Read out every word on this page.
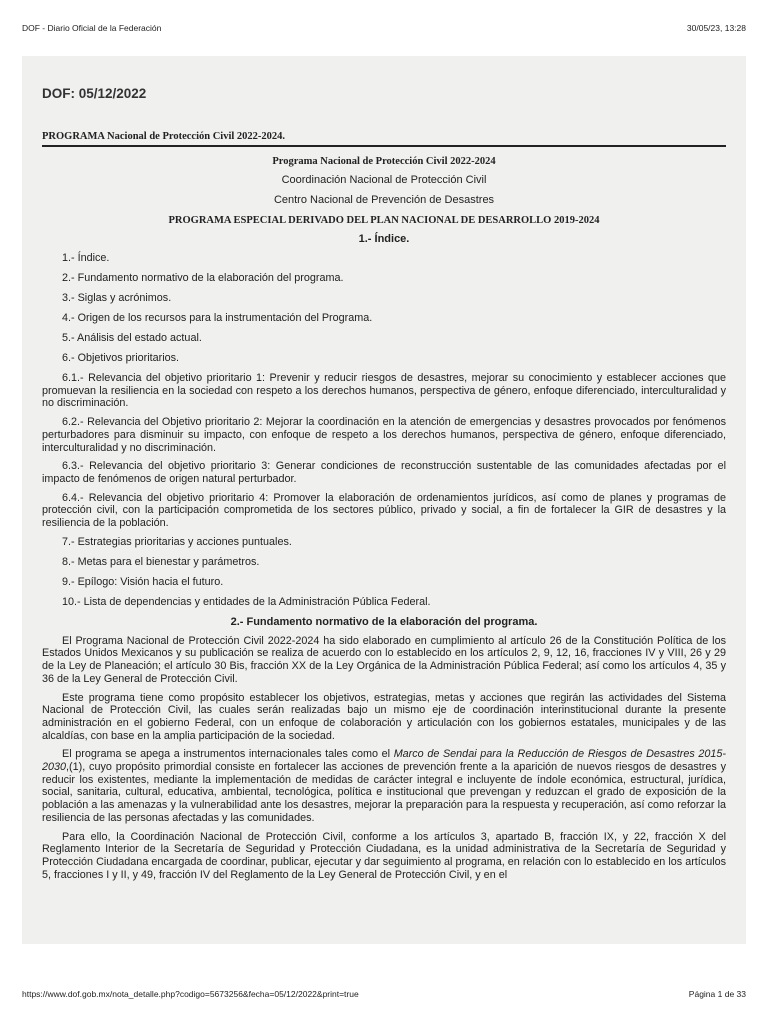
DOF - Diario Oficial de la Federación	30/05/23, 13:28
DOF: 05/12/2022
PROGRAMA Nacional de Protección Civil 2022-2024.

Programa Nacional de Protección Civil 2022-2024

Coordinación Nacional de Protección Civil

Centro Nacional de Prevención de Desastres

PROGRAMA ESPECIAL DERIVADO DEL PLAN NACIONAL DE DESARROLLO 2019-2024

1.- Índice.

1.- Índice.

2.- Fundamento normativo de la elaboración del programa.

3.- Siglas y acrónimos.

4.- Origen de los recursos para la instrumentación del Programa.

5.- Análisis del estado actual.

6.- Objetivos prioritarios.

6.1.- Relevancia del objetivo prioritario 1: Prevenir y reducir riesgos de desastres, mejorar su conocimiento y establecer acciones que promuevan la resiliencia en la sociedad con respeto a los derechos humanos, perspectiva de género, enfoque diferenciado, interculturalidad y no discriminación.

6.2.- Relevancia del Objetivo prioritario 2: Mejorar la coordinación en la atención de emergencias y desastres provocados por fenómenos perturbadores para disminuir su impacto, con enfoque de respeto a los derechos humanos, perspectiva de género, enfoque diferenciado, interculturalidad y no discriminación.

6.3.- Relevancia del objetivo prioritario 3: Generar condiciones de reconstrucción sustentable de las comunidades afectadas por el impacto de fenómenos de origen natural perturbador.

6.4.- Relevancia del objetivo prioritario 4: Promover la elaboración de ordenamientos jurídicos, así como de planes y programas de protección civil, con la participación comprometida de los sectores público, privado y social, a fin de fortalecer la GIR de desastres y la resiliencia de la población.

7.- Estrategias prioritarias y acciones puntuales.

8.- Metas para el bienestar y parámetros.

9.- Epílogo: Visión hacia el futuro.

10.- Lista de dependencias y entidades de la Administración Pública Federal.

2.- Fundamento normativo de la elaboración del programa.

El Programa Nacional de Protección Civil 2022-2024 ha sido elaborado en cumplimiento al artículo 26 de la Constitución Política de los Estados Unidos Mexicanos y su publicación se realiza de acuerdo con lo establecido en los artículos 2, 9, 12, 16, fracciones IV y VIII, 26 y 29 de la Ley de Planeación; el artículo 30 Bis, fracción XX de la Ley Orgánica de la Administración Pública Federal; así como los artículos 4, 35 y 36 de la Ley General de Protección Civil.

Este programa tiene como propósito establecer los objetivos, estrategias, metas y acciones que regirán las actividades del Sistema Nacional de Protección Civil, las cuales serán realizadas bajo un mismo eje de coordinación interinstitucional durante la presente administración en el gobierno Federal, con un enfoque de colaboración y articulación con los gobiernos estatales, municipales y de las alcaldías, con base en la amplia participación de la sociedad.

El programa se apega a instrumentos internacionales tales como el Marco de Sendai para la Reducción de Riesgos de Desastres 2015-2030,(1), cuyo propósito primordial consiste en fortalecer las acciones de prevención frente a la aparición de nuevos riesgos de desastres y reducir los existentes, mediante la implementación de medidas de carácter integral e incluyente de índole económica, estructural, jurídica, social, sanitaria, cultural, educativa, ambiental, tecnológica, política e institucional que prevengan y reduzcan el grado de exposición de la población a las amenazas y la vulnerabilidad ante los desastres, mejorar la preparación para la respuesta y recuperación, así como reforzar la resiliencia de las personas afectadas y las comunidades.

Para ello, la Coordinación Nacional de Protección Civil, conforme a los artículos 3, apartado B, fracción IX, y 22, fracción X del Reglamento Interior de la Secretaría de Seguridad y Protección Ciudadana, es la unidad administrativa de la Secretaría de Seguridad y Protección Ciudadana encargada de coordinar, publicar, ejecutar y dar seguimiento al programa, en relación con lo establecido en los artículos 5, fracciones I y II, y 49, fracción IV del Reglamento de la Ley General de Protección Civil, y en el

https://www.dof.gob.mx/nota_detalle.php?codigo=5673256&fecha=05/12/2022&print=true	Página 1 de 33
